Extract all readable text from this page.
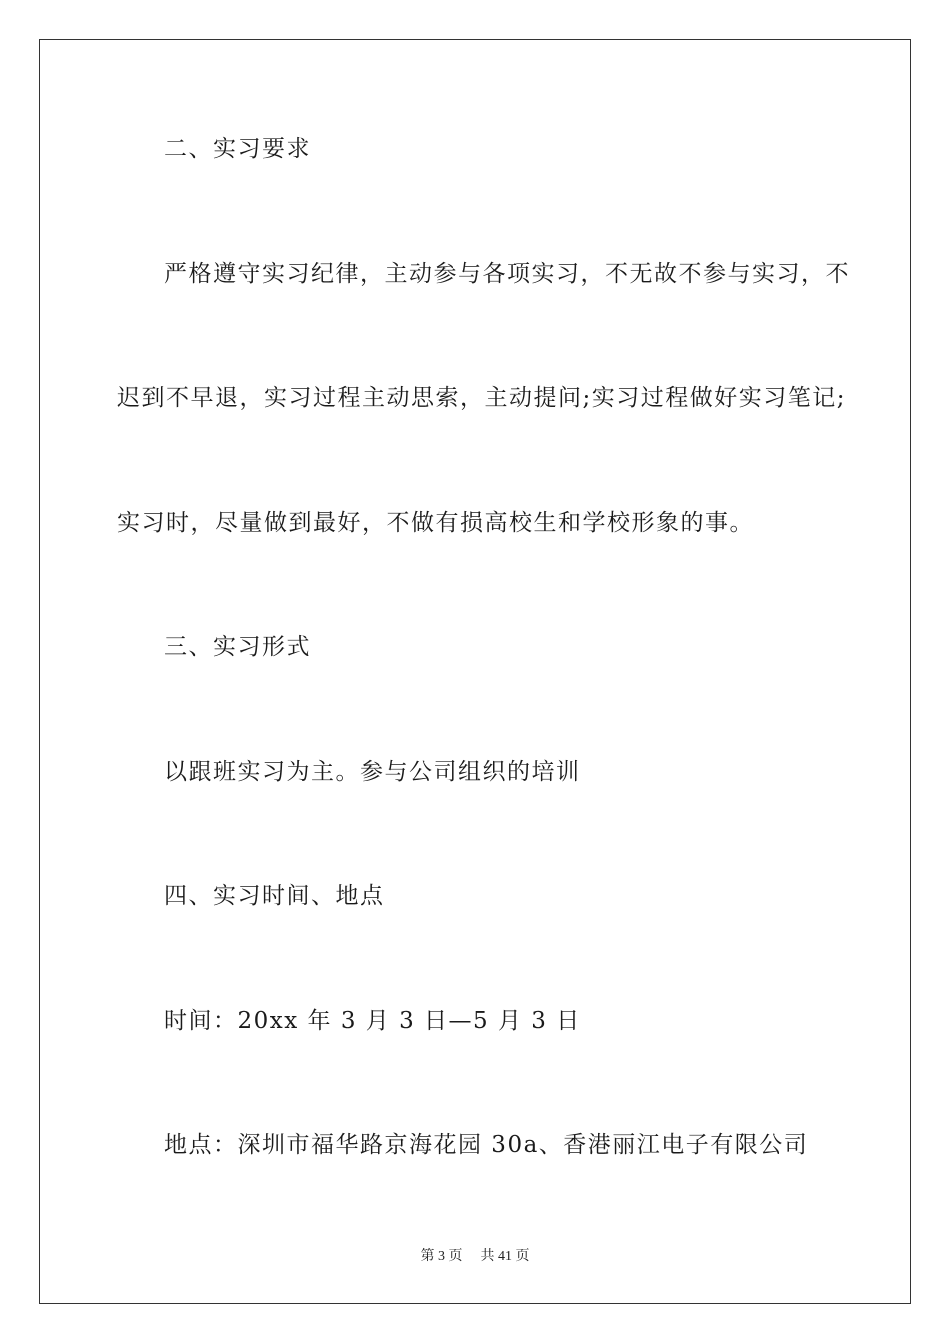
二、实习要求
严格遵守实习纪律，主动参与各项实习，不无故不参与实习，不
迟到不早退，实习过程主动思索，主动提问;实习过程做好实习笔记;
实习时，尽量做到最好，不做有损高校生和学校形象的事。
三、实习形式
以跟班实习为主。参与公司组织的培训
四、实习时间、地点
时间：20xx 年 3 月 3 日—5 月 3 日
地点：深圳市福华路京海花园 30a、香港丽江电子有限公司
第 3 页 共 41 页
